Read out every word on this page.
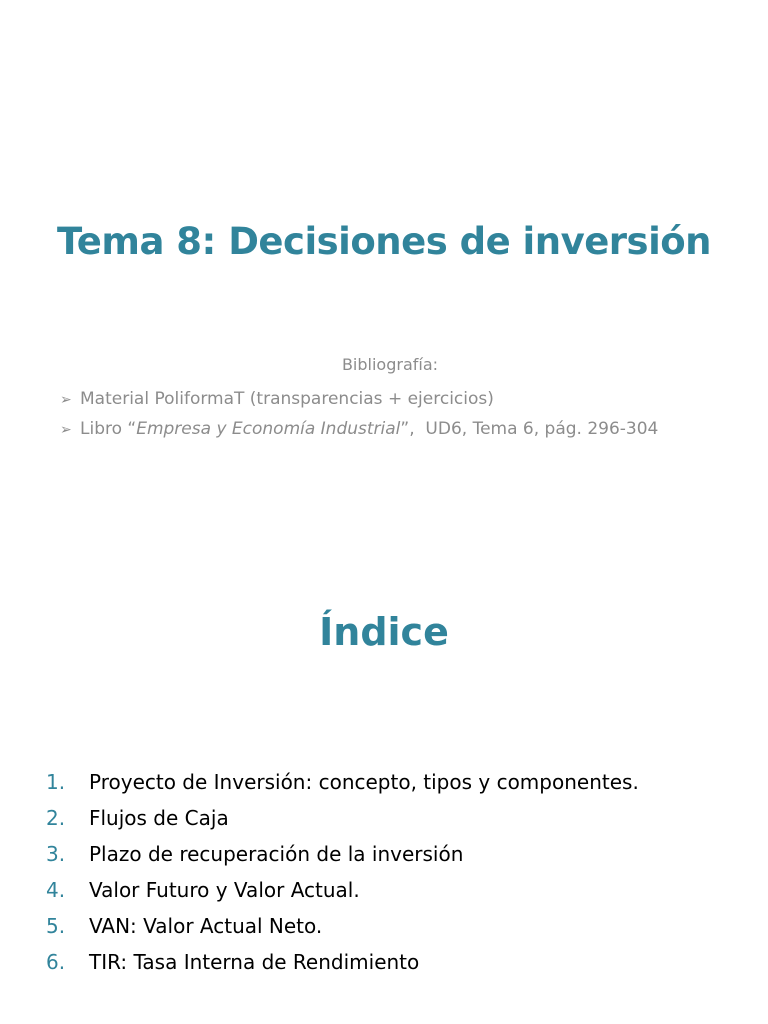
Tema 8: Decisiones de inversión
Bibliografía:
➢ Material PoliformaT (transparencias + ejercicios)
➢ Libro “Empresa y Economía Industrial”,  UD6, Tema 6, pág. 296-304
Índice
1. Proyecto de Inversión: concepto, tipos y componentes.
2. Flujos de Caja
3. Plazo de recuperación de la inversión
4. Valor Futuro y Valor Actual.
5. VAN: Valor Actual Neto.
6. TIR: Tasa Interna de Rendimiento
